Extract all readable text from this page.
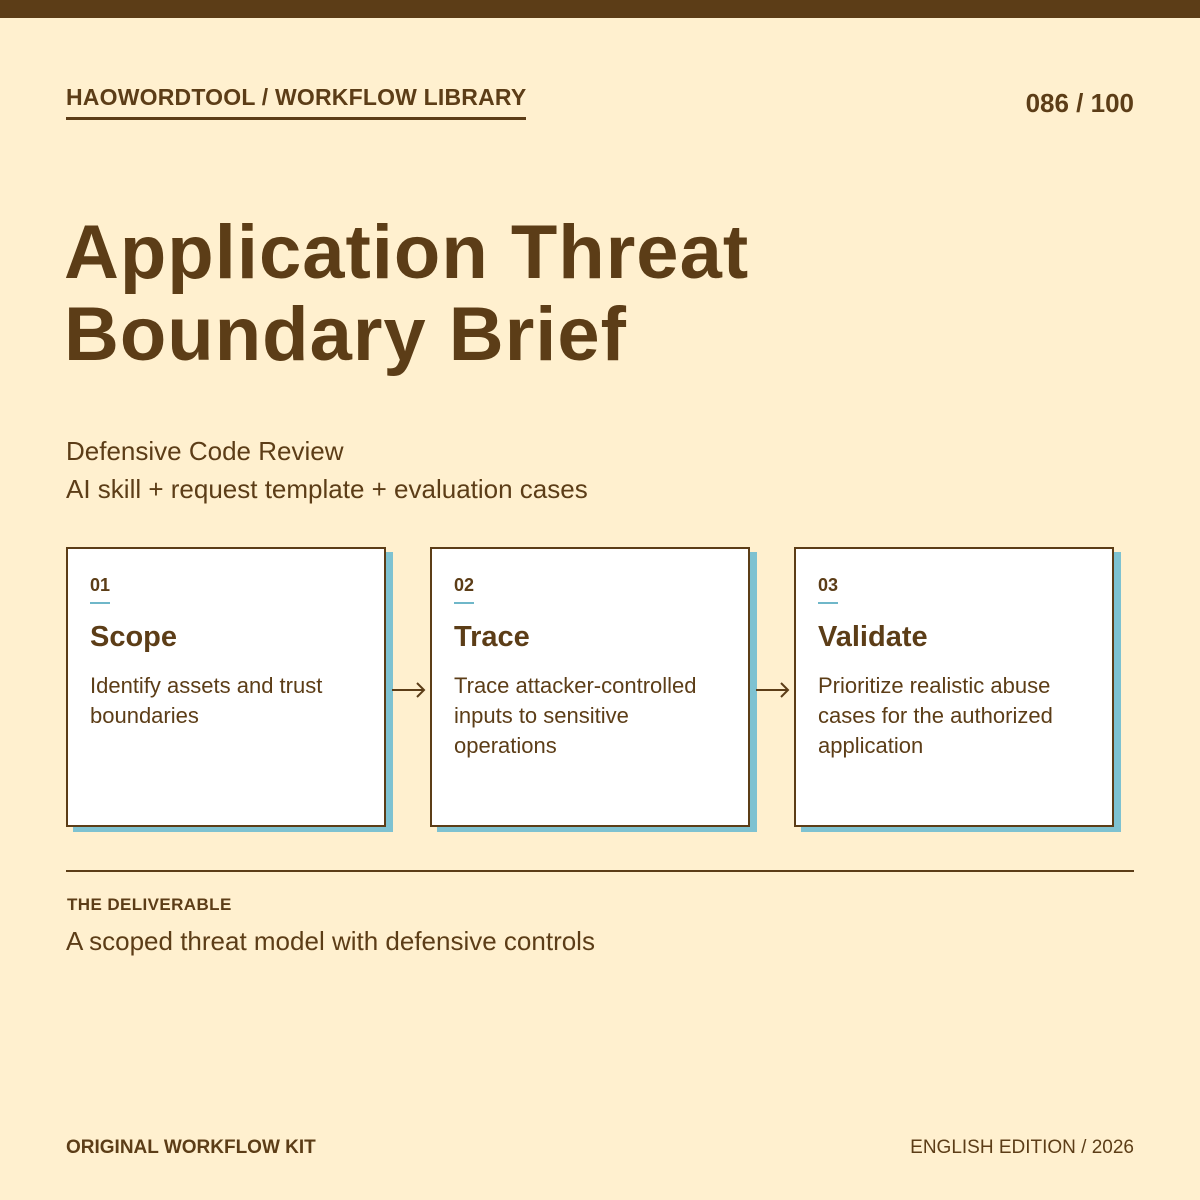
HAOWORDTOOL / WORKFLOW LIBRARY	086 / 100
Application Threat
Boundary Brief
Defensive Code Review
AI skill + request template + evaluation cases
01
Scope
Identify assets and trust boundaries
02
Trace
Trace attacker-controlled inputs to sensitive operations
03
Validate
Prioritize realistic abuse cases for the authorized application
THE DELIVERABLE
A scoped threat model with defensive controls
ORIGINAL WORKFLOW KIT	ENGLISH EDITION / 2026
